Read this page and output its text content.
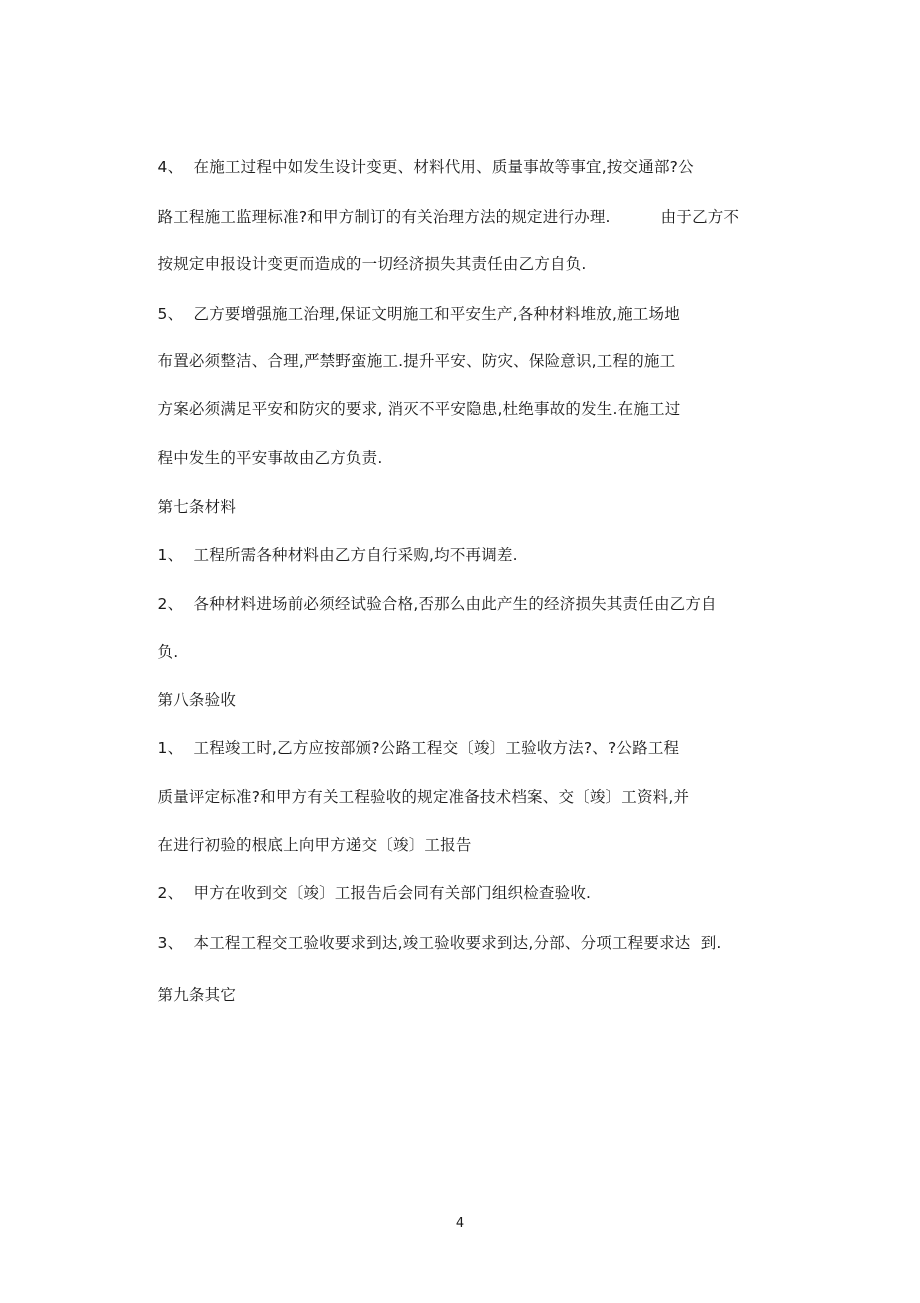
4、 在施工过程中如发生设计变更、材料代用、质量事故等事宜,按交通部?公

路工程施工监理标准?和甲方制订的有关治理方法的规定进行办理.	由于乙方不

按规定申报设计变更而造成的一切经济损失其责任由乙方自负.

5、 乙方要增强施工治理,保证文明施工和平安生产,各种材料堆放,施工场地

布置必须整洁、合理,严禁野蛮施工.提升平安、防灾、保险意识,工程的施工

方案必须满足平安和防灾的要求, 消灭不平安隐患,杜绝事故的发生.在施工过

程中发生的平安事故由乙方负责.

第七条材料

1、 工程所需各种材料由乙方自行采购,均不再调差.

2、 各种材料进场前必须经试验合格,否那么由此产生的经济损失其责任由乙方自

负.

第八条验收

1、 工程竣工时,乙方应按部颁?公路工程交〔竣〕工验收方法?、?公路工程

质量评定标准?和甲方有关工程验收的规定准备技术档案、交〔竣〕工资料,并

在进行初验的根底上向甲方递交〔竣〕工报告

2、 甲方在收到交〔竣〕工报告后会同有关部门组织检查验收.

3、 本工程工程交工验收要求到达,竣工验收要求到达,分部、分项工程要求达  到.

第九条其它

4
